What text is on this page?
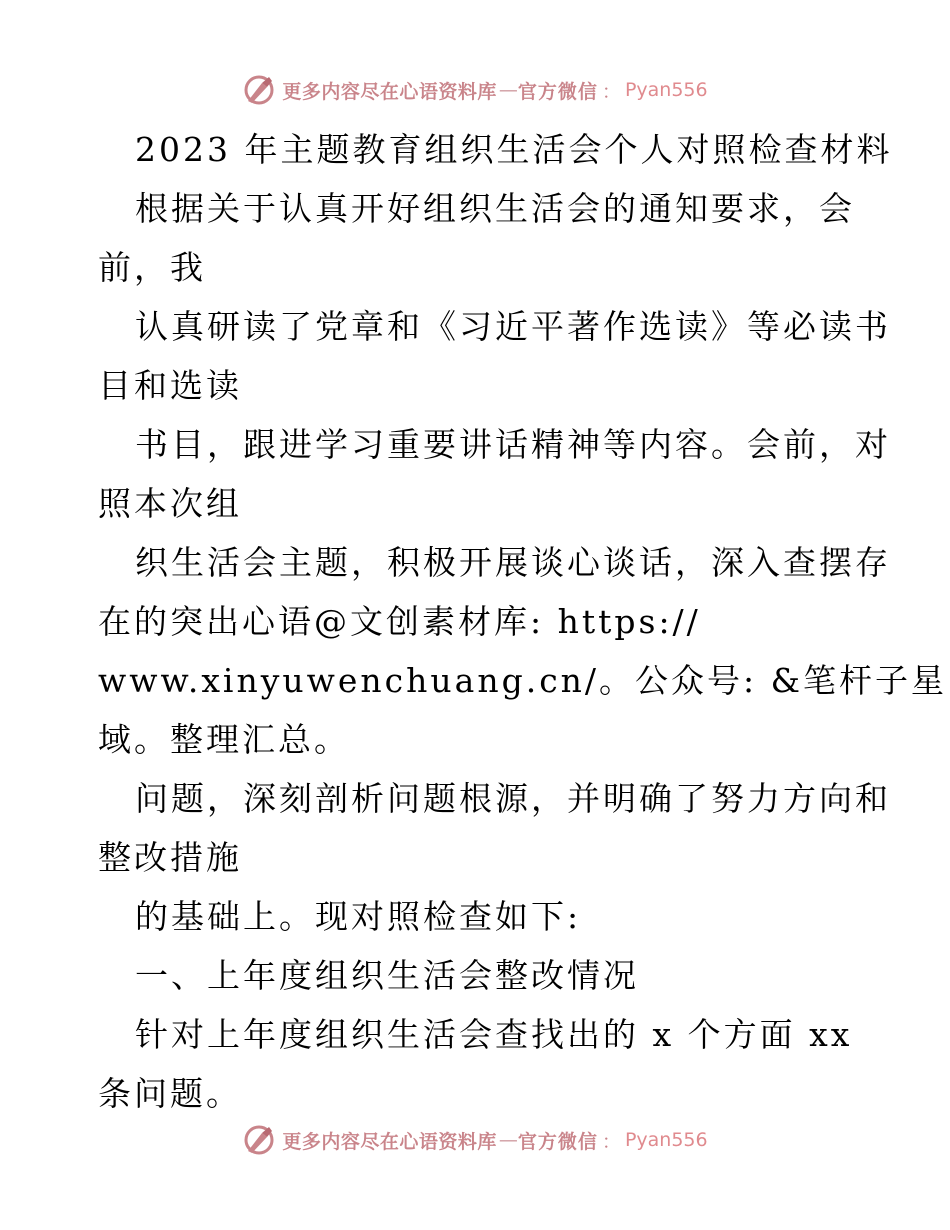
更多内容尽在心语资料库 — 官方微信 ： Pyan556
2023 年主题教育组织生活会个人对照检查材料
根据关于认真开好组织生活会的通知要求，会
前，我
认真研读了党章和《习近平著作选读》等必读书
目和选读
书目，跟进学习重要讲话精神等内容。会前，对
照本次组
织生活会主题，积极开展谈心谈话，深入查摆存
在的突出心语@文创素材库: https://
www.xinyuwenchuang.cn/。公众号: &笔杆子星
域。整理汇总。
问题，深刻剖析问题根源，并明确了努力方向和
整改措施
的基础上。现对照检查如下:
一、上年度组织生活会整改情况
针对上年度组织生活会查找出的 x 个方面 xx
条问题。
更多内容尽在心语资料库 — 官方微信 ： Pyan556
